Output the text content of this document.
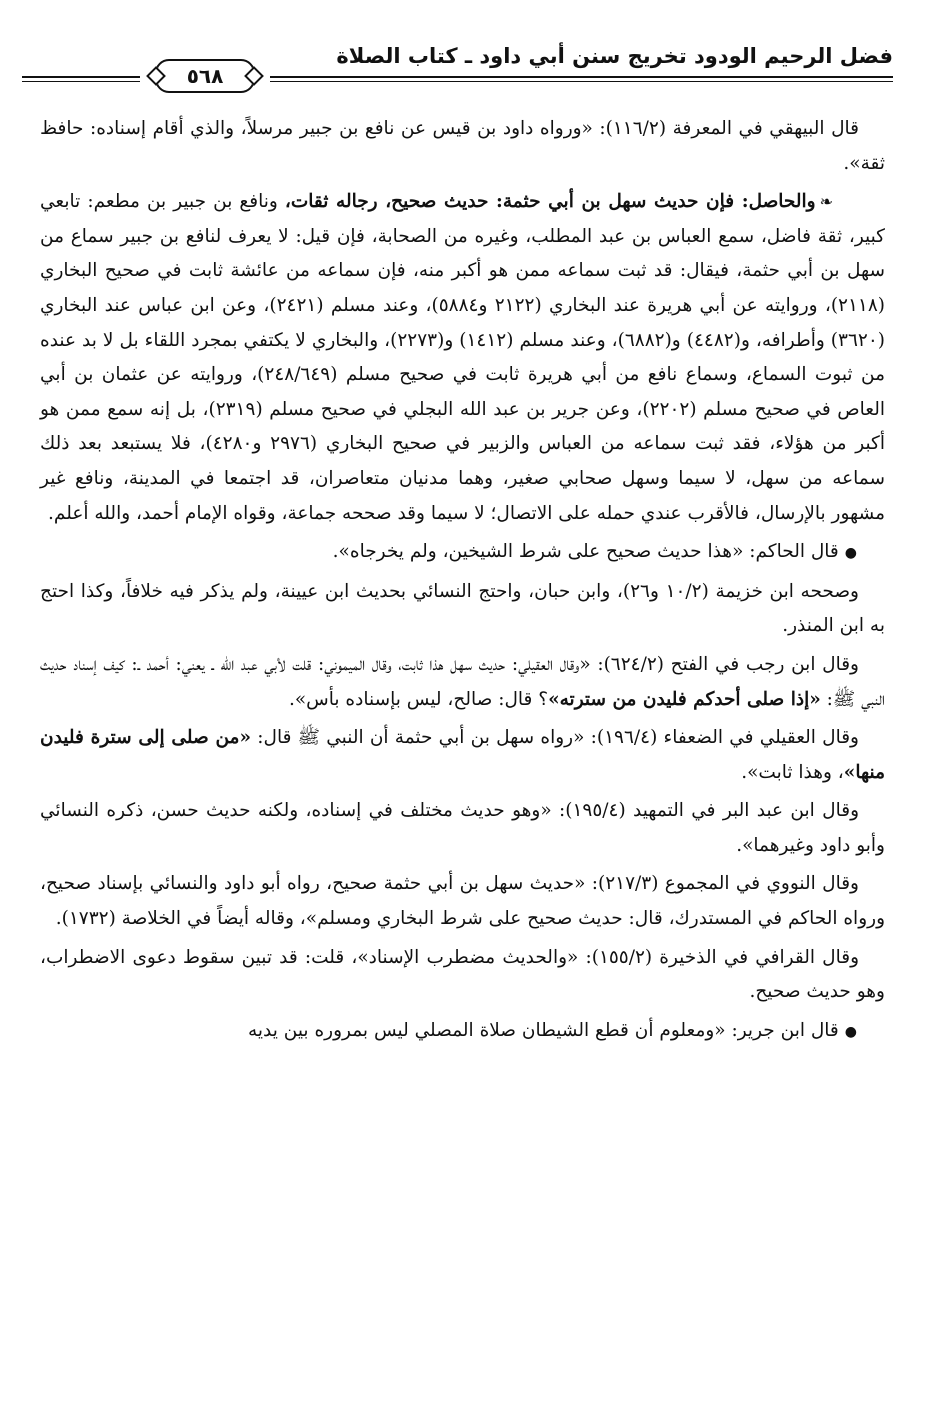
فضل الرحيم الودود تخريج سنن أبي داود ـ كتاب الصلاة
٥٦٨

قال البيهقي في المعرفة (١١٦/٢): «ورواه داود بن قيس عن نافع بن جبير مرسلاً، والذي أقام إسناده: حافظ ثقة».

❧والحاصل: فإن حديث سهل بن أبي حثمة: حديث صحيح، رجاله ثقات، ونافع بن جبير بن مطعم: تابعي كبير، ثقة فاضل، سمع العباس بن عبد المطلب، وغيره من الصحابة، فإن قيل: لا يعرف لنافع بن جبير سماع من سهل بن أبي حثمة، فيقال: قد ثبت سماعه ممن هو أكبر منه، فإن سماعه من عائشة ثابت في صحيح البخاري (٢١١٨)، وروايته عن أبي هريرة عند البخاري (٢١٢٢ و٥٨٨٤)، وعند مسلم (٢٤٢١)، وعن ابن عباس عند البخاري (٣٦٢٠) وأطرافه، و(٤٤٨٢) و(٦٨٨٢)، وعند مسلم (١٤١٢) و(٢٢٧٣)، والبخاري لا يكتفي بمجرد اللقاء بل لا بد عنده من ثبوت السماع، وسماع نافع من أبي هريرة ثابت في صحيح مسلم (٢٤٨/٦٤٩)، وروايته عن عثمان بن أبي العاص في صحيح مسلم (٢٢٠٢)، وعن جرير بن عبد الله البجلي في صحيح مسلم (٢٣١٩)، بل إنه سمع ممن هو أكبر من هؤلاء، فقد ثبت سماعه من العباس والزبير في صحيح البخاري (٢٩٧٦ و٤٢٨٠)، فلا يستبعد بعد ذلك سماعه من سهل، لا سيما وسهل صحابي صغير، وهما مدنيان متعاصران، قد اجتمعا في المدينة، ونافع غير مشهور بالإرسال، فالأقرب عندي حمله على الاتصال؛ لا سيما وقد صححه جماعة، وقواه الإمام أحمد، والله أعلم.

●قال الحاكم: «هذا حديث صحيح على شرط الشيخين، ولم يخرجاه».

وصححه ابن خزيمة (١٠/٢ و٢٦)، وابن حبان، واحتج النسائي بحديث ابن عيينة، ولم يذكر فيه خلافاً، وكذا احتج به ابن المنذر.

وقال ابن رجب في الفتح (٦٢٤/٢): «وقال العقيلي: حديث سهل هذا ثابت، وقال الميموني: قلت لأبي عبد الله ـ يعني: أحمد ـ: كيف إسناد حديث النبي ﷺ: «إذا صلى أحدكم فليدن من سترته»؟ قال: صالح، ليس بإسناده بأس».

وقال العقيلي في الضعفاء (١٩٦/٤): «رواه سهل بن أبي حثمة أن النبي ﷺ قال: «من صلى إلى سترة فليدن منها»، وهذا ثابت».

وقال ابن عبد البر في التمهيد (١٩٥/٤): «وهو حديث مختلف في إسناده، ولكنه حديث حسن، ذكره النسائي وأبو داود وغيرهما».

وقال النووي في المجموع (٢١٧/٣): «حديث سهل بن أبي حثمة صحيح، رواه أبو داود والنسائي بإسناد صحيح، ورواه الحاكم في المستدرك، قال: حديث صحيح على شرط البخاري ومسلم»، وقاله أيضاً في الخلاصة (١٧٣٢).

وقال القرافي في الذخيرة (١٥٥/٢): «والحديث مضطرب الإسناد»، قلت: قد تبين سقوط دعوى الاضطراب، وهو حديث صحيح.

●قال ابن جرير: «ومعلوم أن قطع الشيطان صلاة المصلي ليس بمروره بين يديه
